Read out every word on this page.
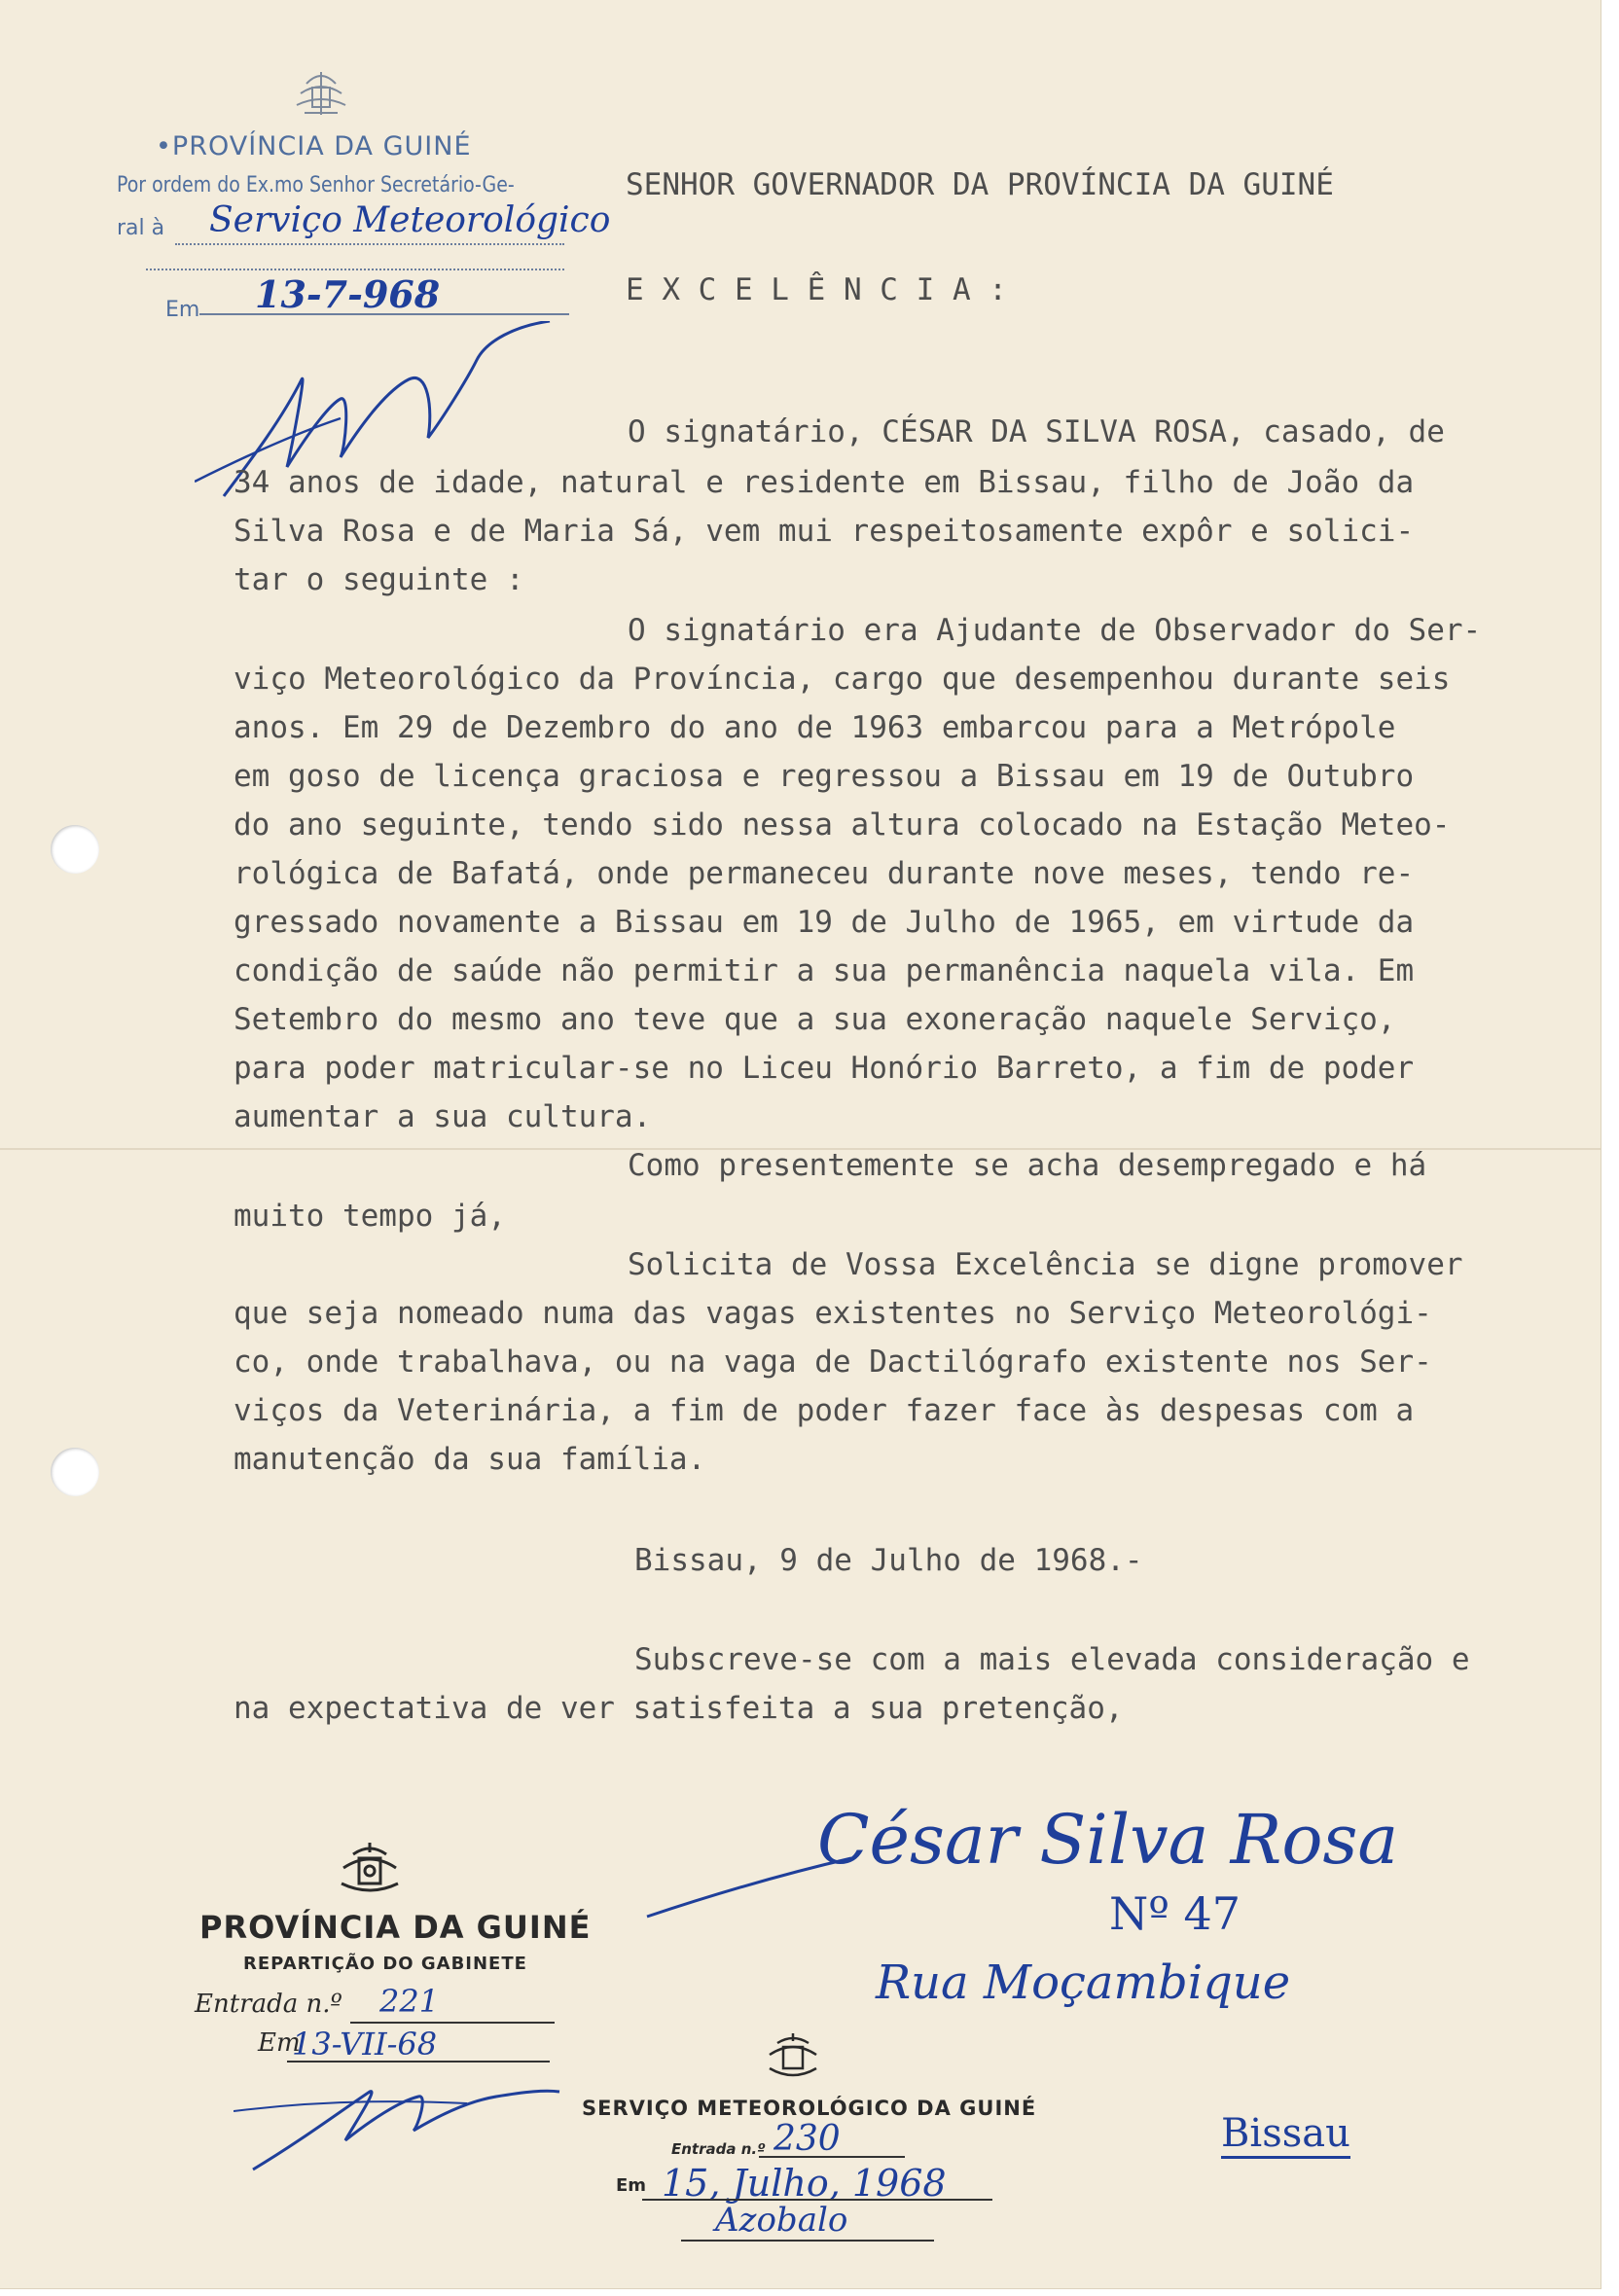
•PROVÍNCIA DA GUINÉ
Por ordem do Ex.mo Senhor Secretário-Ge-
ral à Serviço Meteorológico
Em 13-7-968
SENHOR GOVERNADOR DA PROVÍNCIA DA GUINÉ
E X C E L Ê N C I A :
O signatário, CÉSAR DA SILVA ROSA, casado, de
34 anos de idade, natural e residente em Bissau, filho de João da
Silva Rosa e de Maria Sá, vem mui respeitosamente expôr e solici-
tar o seguinte :
O signatário era Ajudante de Observador do Ser-
viço Meteorológico da Província, cargo que desempenhou durante seis
anos. Em 29 de Dezembro do ano de 1963 embarcou para a Metrópole
em goso de licença graciosa e regressou a Bissau em 19 de Outubro
do ano seguinte, tendo sido nessa altura colocado na Estação Meteo-
rológica de Bafatá, onde permaneceu durante nove meses, tendo re-
gressado novamente a Bissau em 19 de Julho de 1965, em virtude da
condição de saúde não permitir a sua permanência naquela vila. Em
Setembro do mesmo ano teve que a sua exoneração naquele Serviço,
para poder matricular-se no Liceu Honório Barreto, a fim de poder
aumentar a sua cultura.
Como presentemente se acha desempregado e há
muito tempo já,
Solicita de Vossa Excelência se digne promover
que seja nomeado numa das vagas existentes no Serviço Meteorológi-
co, onde trabalhava, ou na vaga de Dactilógrafo existente nos Ser-
viços da Veterinária, a fim de poder fazer face às despesas com a
manutenção da sua família.
Bissau, 9 de Julho de 1968.-
Subscreve-se com a mais elevada consideração e
na expectativa de ver satisfeita a sua pretenção,
César Silva Rosa
Nº 47
Rua Moçambique
Bissau
PROVÍNCIA DA GUINÉ
REPARTIÇÃO DO GABINETE
Entrada n.º 221
Em
13-VII-68
SERVIÇO METEOROLÓGICO DA GUINÉ
Entrada n.º 230
Em 15, Julho, 1968
Azobalo
